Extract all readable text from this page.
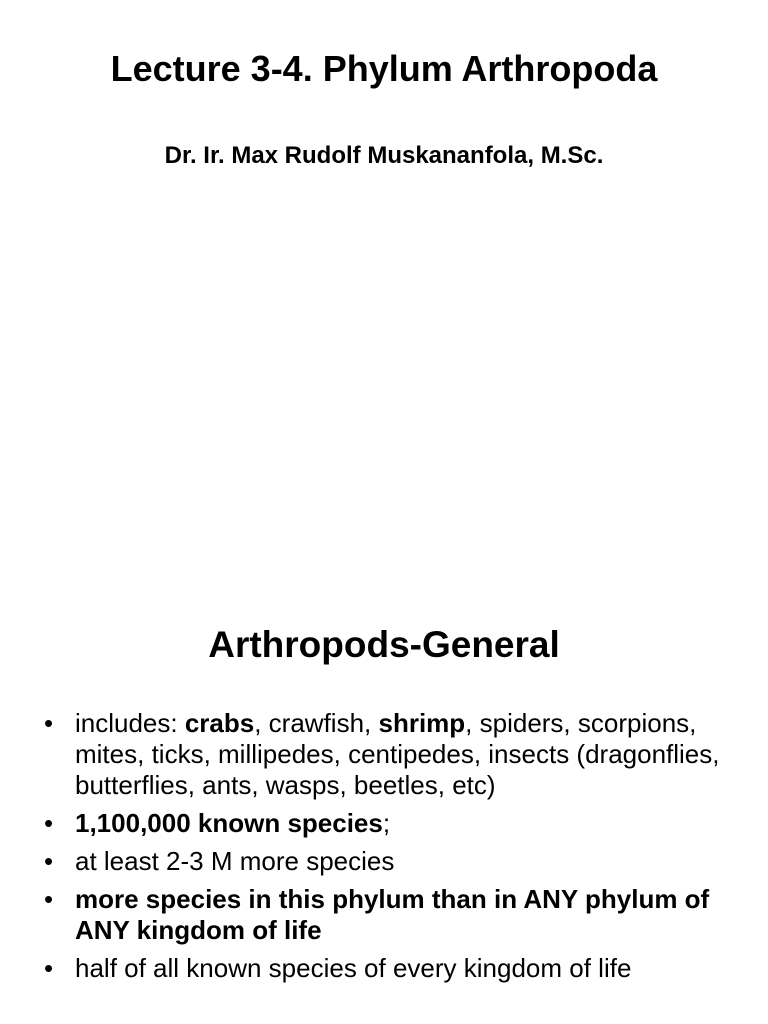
Lecture 3-4. Phylum Arthropoda

Dr. Ir. Max Rudolf Muskananfola, M.Sc.

Arthropods-General
• includes: crabs, crawfish, shrimp, spiders, scorpions, mites, ticks, millipedes, centipedes, insects (dragonflies, butterflies, ants, wasps, beetles, etc)
• 1,100,000 known species;
• at least 2-3 M more species
• more species in this phylum than in ANY phylum of ANY kingdom of life
• half of all known species of every kingdom of life
